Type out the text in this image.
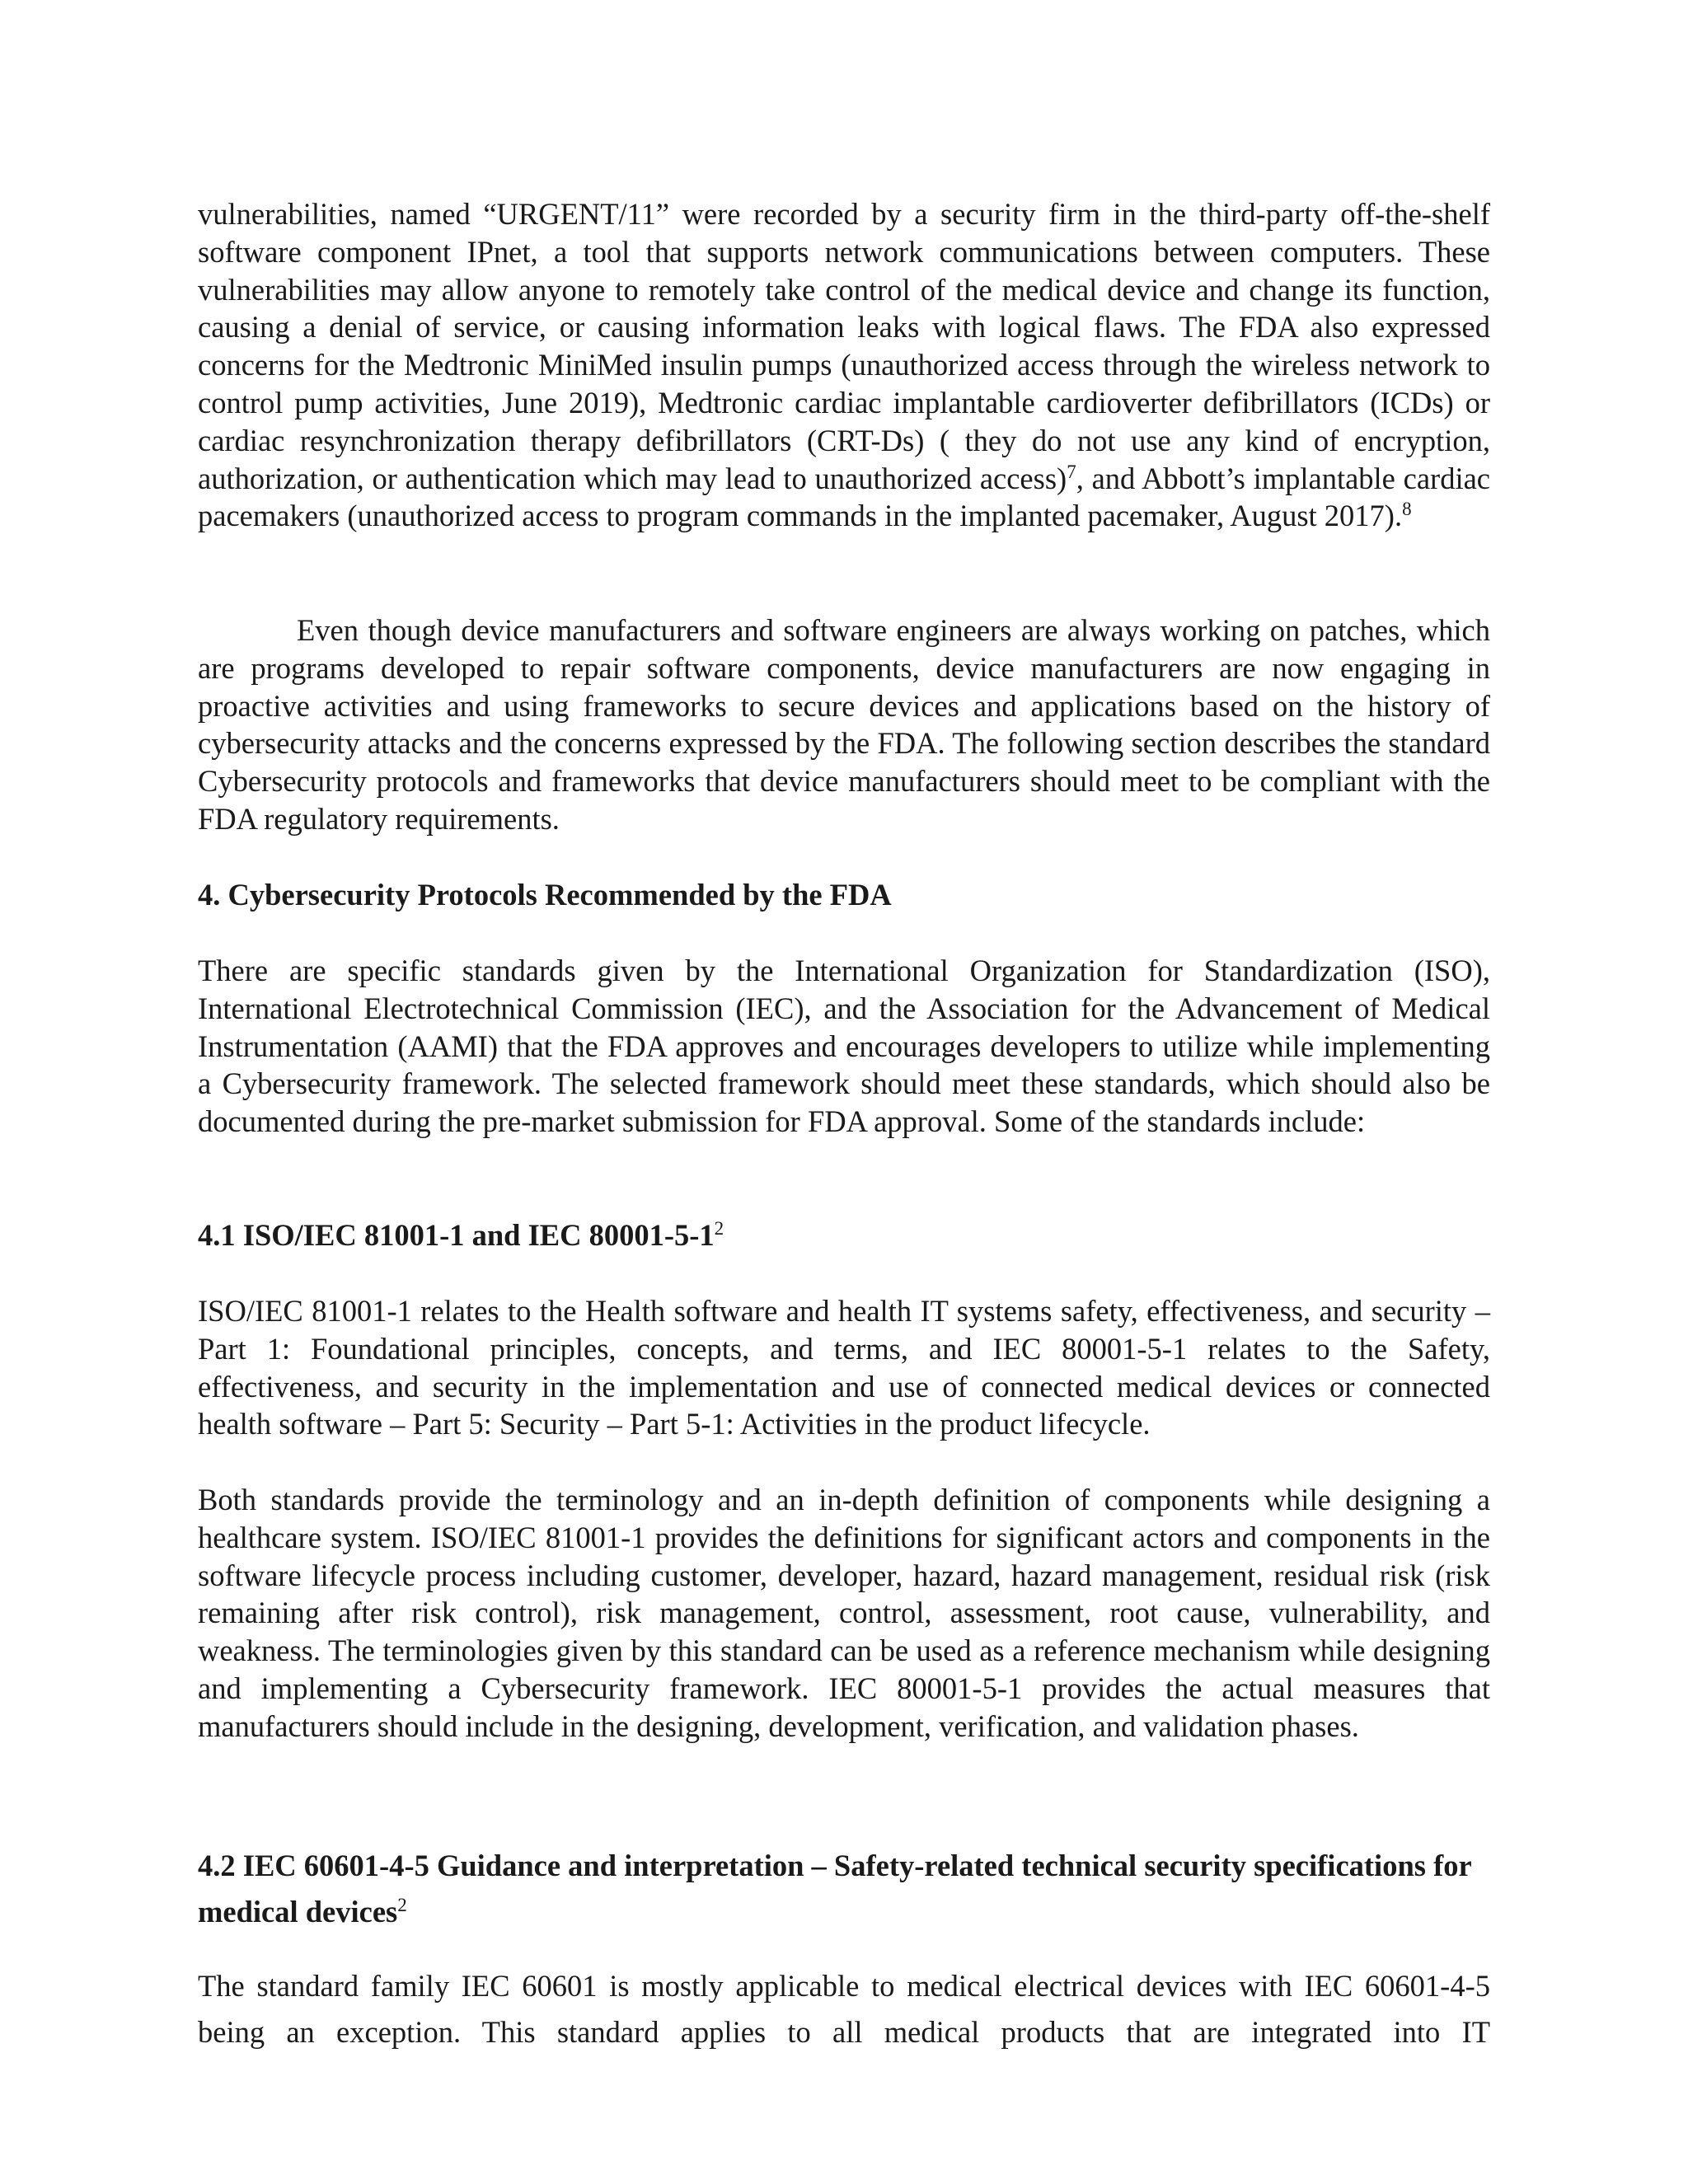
vulnerabilities, named “URGENT/11” were recorded by a security firm in the third-party off-the-shelf software component IPnet, a tool that supports network communications between computers. These vulnerabilities may allow anyone to remotely take control of the medical device and change its function, causing a denial of service, or causing information leaks with logical flaws. The FDA also expressed concerns for the Medtronic MiniMed insulin pumps (unauthorized access through the wireless network to control pump activities, June 2019), Medtronic cardiac implantable cardioverter defibrillators (ICDs) or cardiac resynchronization therapy defibrillators (CRT-Ds) ( they do not use any kind of encryption, authorization, or authentication which may lead to unauthorized access)$^7$, and Abbott’s implantable cardiac pacemakers (unauthorized access to program commands in the implanted pacemaker, August 2017).$^8$

Even though device manufacturers and software engineers are always working on patches, which are programs developed to repair software components, device manufacturers are now engaging in proactive activities and using frameworks to secure devices and applications based on the history of cybersecurity attacks and the concerns expressed by the FDA. The following section describes the standard Cybersecurity protocols and frameworks that device manufacturers should meet to be compliant with the FDA regulatory requirements.

4. Cybersecurity Protocols Recommended by the FDA

There are specific standards given by the International Organization for Standardization (ISO), International Electrotechnical Commission (IEC), and the Association for the Advancement of Medical Instrumentation (AAMI) that the FDA approves and encourages developers to utilize while implementing a Cybersecurity framework. The selected framework should meet these standards, which should also be documented during the pre-market submission for FDA approval. Some of the standards include:

4.1 ISO/IEC 81001-1 and IEC $80001-5-1^2$

ISO/IEC 81001-1 relates to the Health software and health IT systems safety, effectiveness, and security – Part 1: Foundational principles, concepts, and terms, and IEC 80001-5-1 relates to the Safety, effectiveness, and security in the implementation and use of connected medical devices or connected health software – Part 5: Security – Part 5-1: Activities in the product lifecycle.

Both standards provide the terminology and an in-depth definition of components while designing a healthcare system. ISO/IEC 81001-1 provides the definitions for significant actors and components in the software lifecycle process including customer, developer, hazard, hazard management, residual risk (risk remaining after risk control), risk management, control, assessment, root cause, vulnerability, and weakness. The terminologies given by this standard can be used as a reference mechanism while designing and implementing a Cybersecurity framework. IEC 80001-5-1 provides the actual measures that manufacturers should include in the designing, development, verification, and validation phases.

4.2 IEC 60601-4-5 Guidance and interpretation – Safety-related technical security specifications for medical devices$^2$

The standard family IEC 60601 is mostly applicable to medical electrical devices with IEC 60601-4-5 being an exception. This standard applies to all medical products that are integrated into IT
